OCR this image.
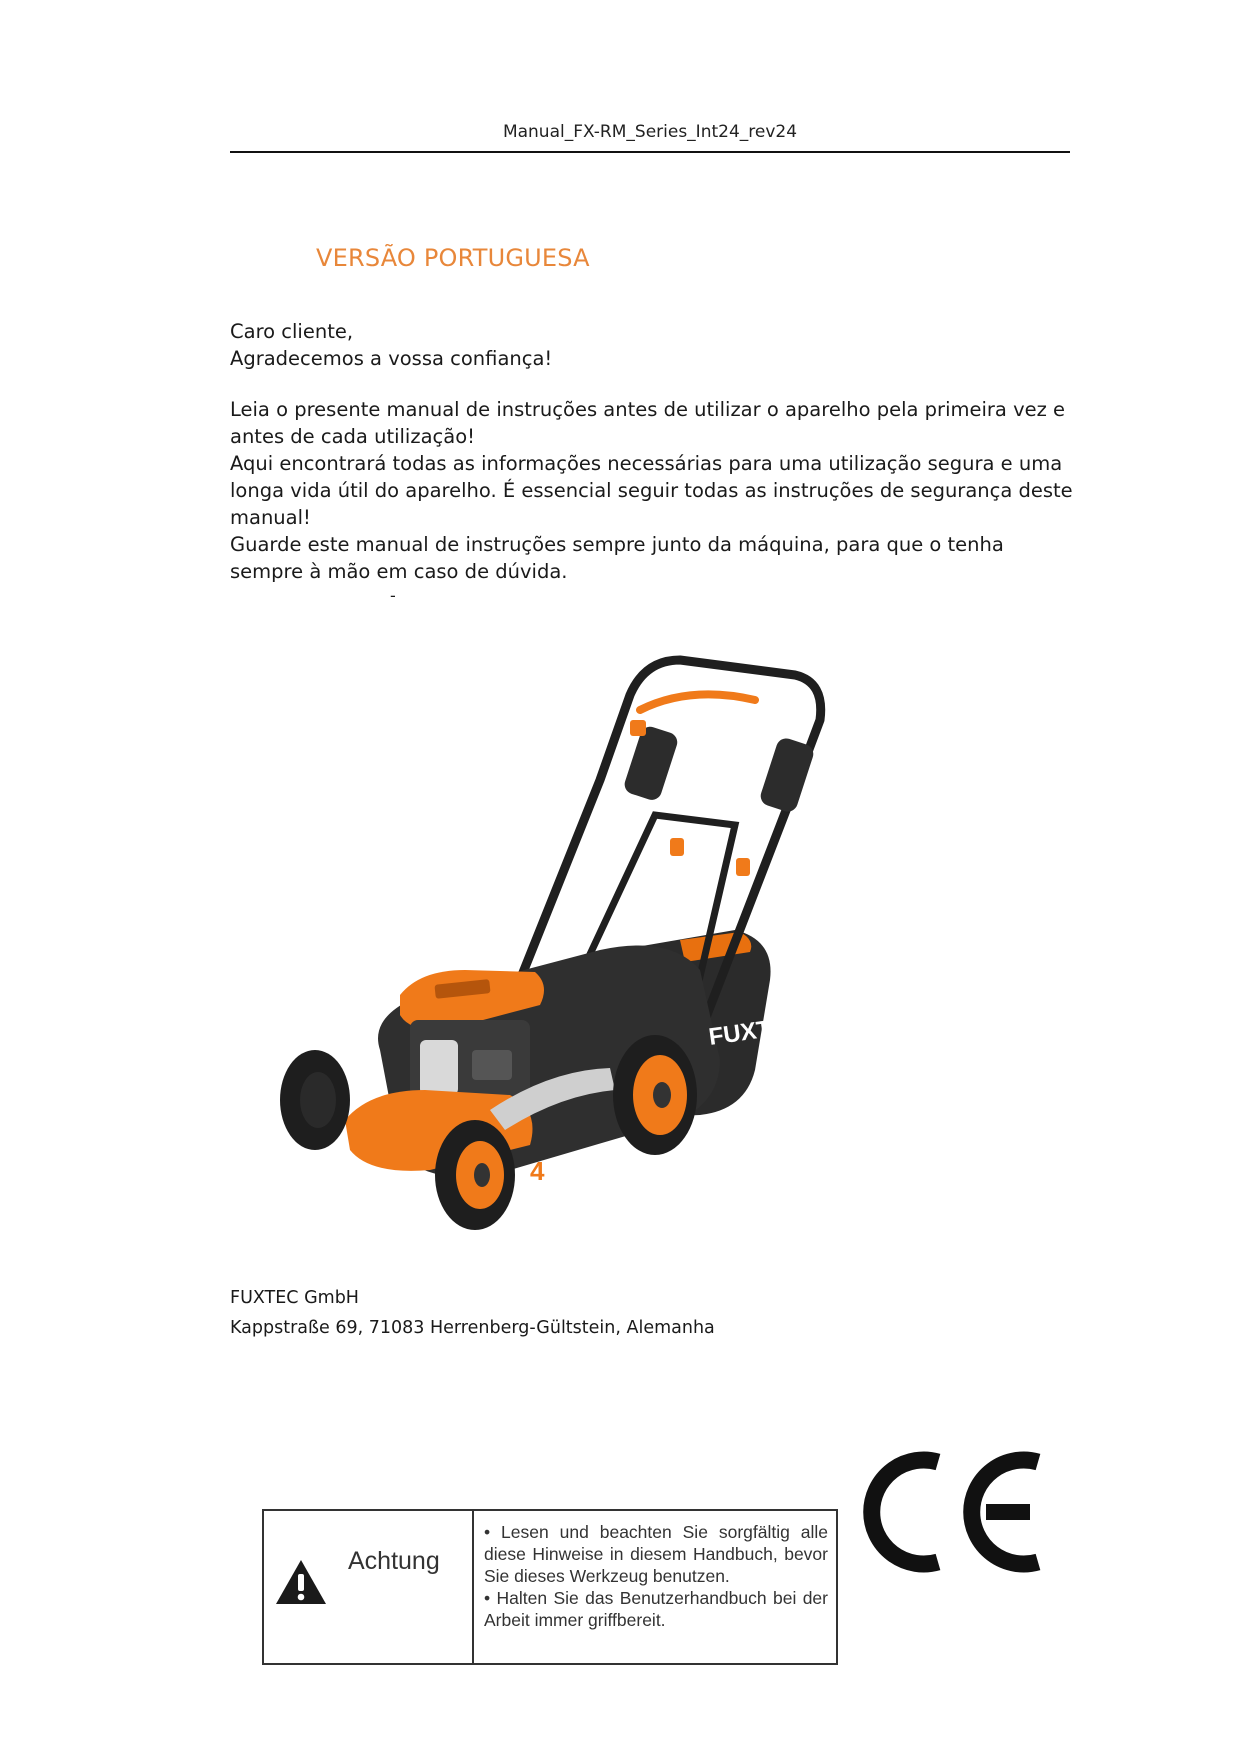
Manual_FX-RM_Series_Int24_rev24
VERSÃO PORTUGUESA

Caro cliente,

Agradecemos a vossa confiança!

Leia o presente manual de instruções antes de utilizar o aparelho pela primeira vez e antes de cada utilização!

Aqui encontrará todas as informações necessárias para uma utilização segura e uma longa vida útil do aparelho. É essencial seguir todas as instruções de segurança deste manual!

Guarde este manual de instruções sempre junto da máquina, para que o tenha sempre à mão em caso de dúvida.

-
FUXTEC
4

FUXTEC GmbH

Kappstraße 69, 71083 Herrenberg-Gültstein, Alemanha

Achtung

• Lesen und beachten Sie sorgfältig alle diese Hinweise in diesem Handbuch, bevor Sie dieses Werkzeug benutzen.

• Halten Sie das Benutzerhandbuch bei der Arbeit immer griffbereit.
